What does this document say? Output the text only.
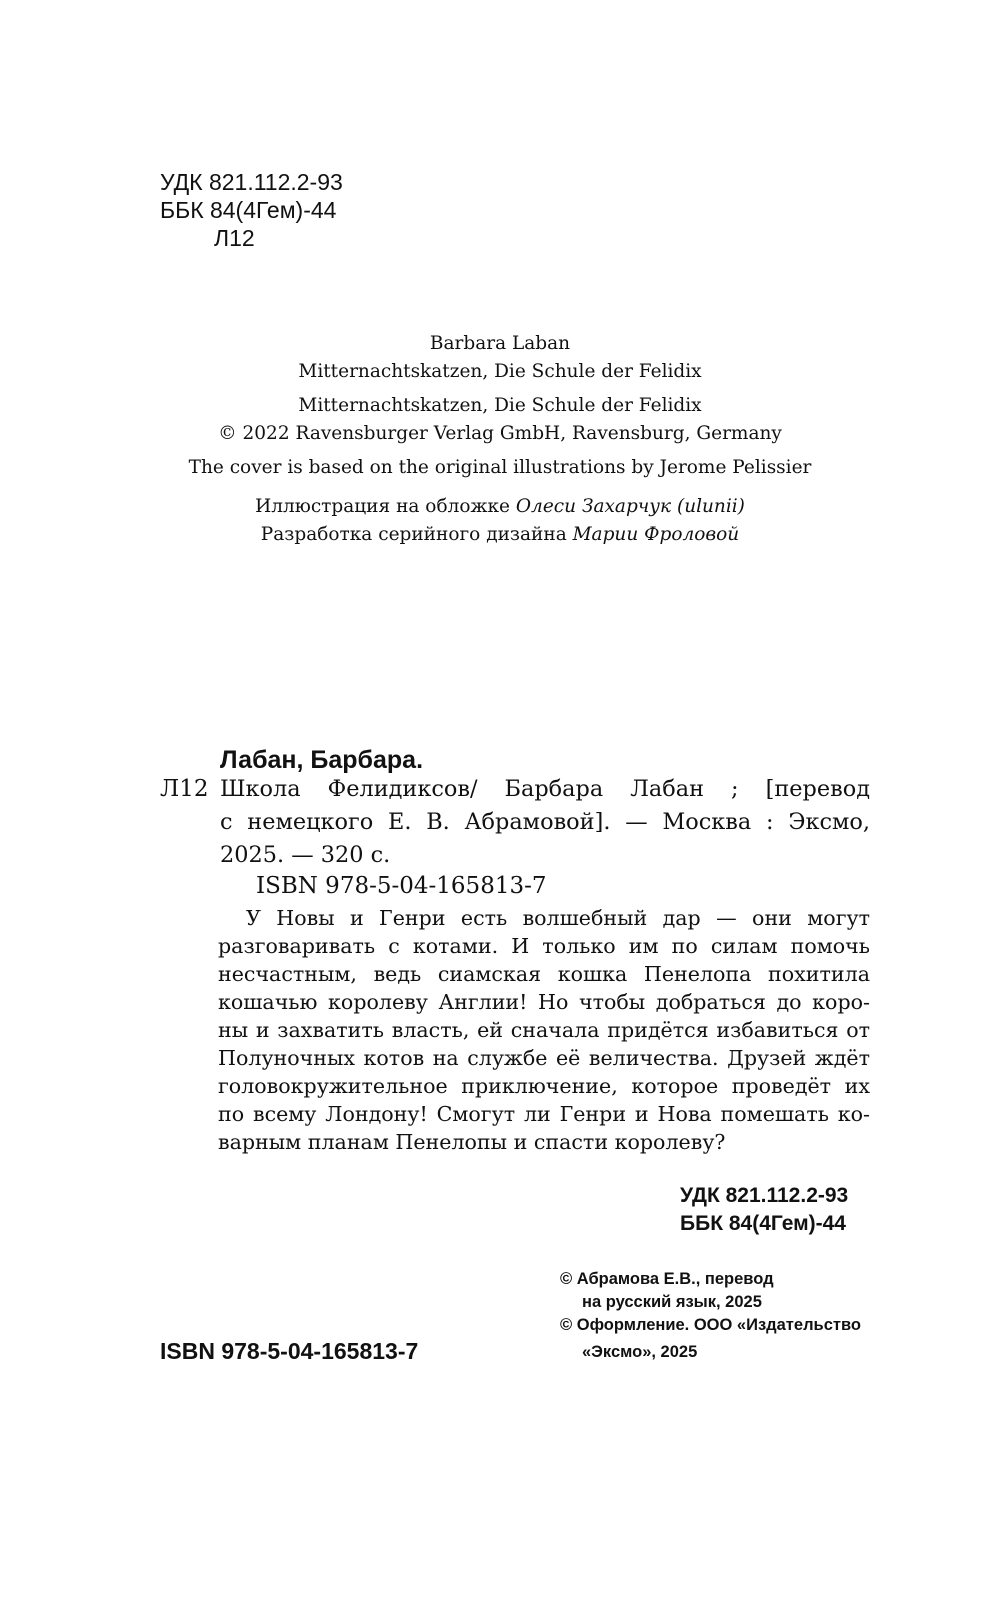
УДК 821.112.2-93
ББК 84(4Гем)-44
Л12
Barbara Laban
Mitternachtskatzen, Die Schule der Felidix
Mitternachtskatzen, Die Schule der Felidix
© 2022 Ravensburger Verlag GmbH, Ravensburg, Germany
The cover is based on the original illustrations by Jerome Pelissier
Иллюстрация на обложке Олеси Захарчук (ulunii)
Разработка серийного дизайна Марии Фроловой
Лабан, Барбара.
Л12 Школа Фелидиксов/ Барбара Лабан ; [перевод
с немецкого Е. В. Абрамовой]. — Москва : Эксмо,
2025. — 320 с.
ISBN 978-5-04-165813-7
У Новы и Генри есть волшебный дар — они могут
разговаривать с котами. И только им по силам помочь
несчастным, ведь сиамская кошка Пенелопа похитила
кошачью королеву Англии! Но чтобы добраться до коро-
ны и захватить власть, ей сначала придётся избавиться от
Полуночных котов на службе её величества. Друзей ждёт
головокружительное приключение, которое проведёт их
по всему Лондону! Смогут ли Генри и Нова помешать ко-
варным планам Пенелопы и спасти королеву?
УДК 821.112.2-93
ББК 84(4Гем)-44
ISBN 978-5-04-165813-7
© Абрамова Е.В., перевод
на русский язык, 2025
© Оформление. ООО «Издательство
«Эксмо», 2025
